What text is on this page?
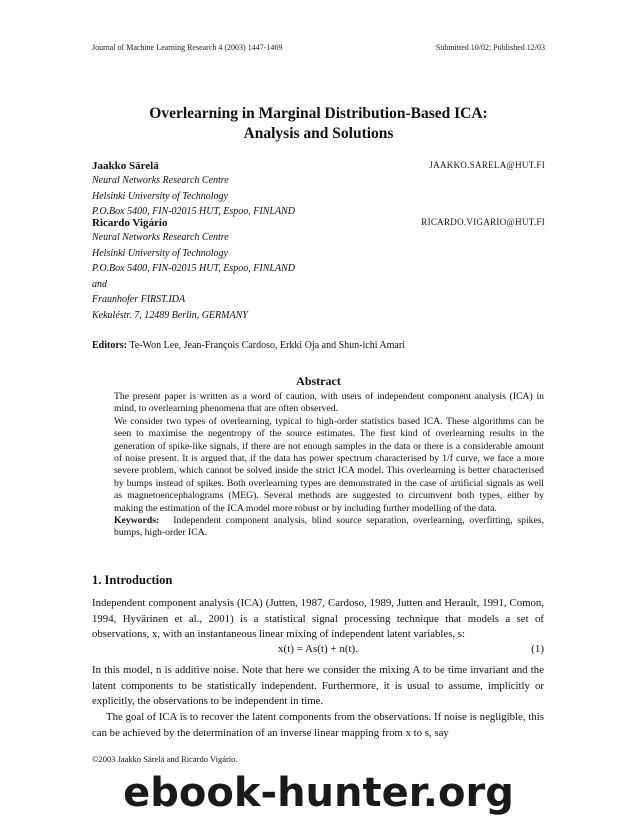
Journal of Machine Learning Research 4 (2003) 1447-1469	Submitted 10/02; Published 12/03
Overlearning in Marginal Distribution-Based ICA:
Analysis and Solutions
Jaakko Särelä	JAAKKO.SARELA@HUT.FI
Neural Networks Research Centre
Helsinki University of Technology
P.O.Box 5400, FIN-02015 HUT, Espoo, FINLAND
Ricardo Vigário	RICARDO.VIGARIO@HUT.FI
Neural Networks Research Centre
Helsinki University of Technology
P.O.Box 5400, FIN-02015 HUT, Espoo, FINLAND
and
Fraunhofer FIRST.IDA
Kekuléstr. 7, 12489 Berlin, GERMANY
Editors: Te-Won Lee, Jean-François Cardoso, Erkki Oja and Shun-ichi Amari
Abstract

The present paper is written as a word of caution, with users of independent component analysis (ICA) in mind, to overlearning phenomena that are often observed.

We consider two types of overlearning, typical to high-order statistics based ICA. These algorithms can be seen to maximise the negentropy of the source estimates. The first kind of overlearning results in the generation of spike-like signals, if there are not enough samples in the data or there is a considerable amount of noise present. It is argued that, if the data has power spectrum characterised by 1/f curve, we face a more severe problem, which cannot be solved inside the strict ICA model. This overlearning is better characterised by bumps instead of spikes. Both overlearning types are demonstrated in the case of artificial signals as well as magnetoencephalograms (MEG). Several methods are suggested to circumvent both types, either by making the estimation of the ICA model more robust or by including further modelling of the data.

Keywords: Independent component analysis, blind source separation, overlearning, overfitting, spikes, bumps, high-order ICA.

1. Introduction
Independent component analysis (ICA) (Jutten, 1987, Cardoso, 1989, Jutten and Herault, 1991, Comon, 1994, Hyvärinen et al., 2001) is a statistical signal processing technique that models a set of observations, x, with an instantaneous linear mixing of independent latent variables, s:
x(t) = As(t) + n(t).	(1)
In this model, n is additive noise. Note that here we consider the mixing A to be time invariant and the latent components to be statistically independent. Furthermore, it is usual to assume, implicitly or explicitly, the observations to be independent in time.
The goal of ICA is to recover the latent components from the observations. If noise is negligible, this can be achieved by the determination of an inverse linear mapping from x to s, say
©2003 Jaakko Särelä and Ricardo Vigário.
ebook-hunter.org
